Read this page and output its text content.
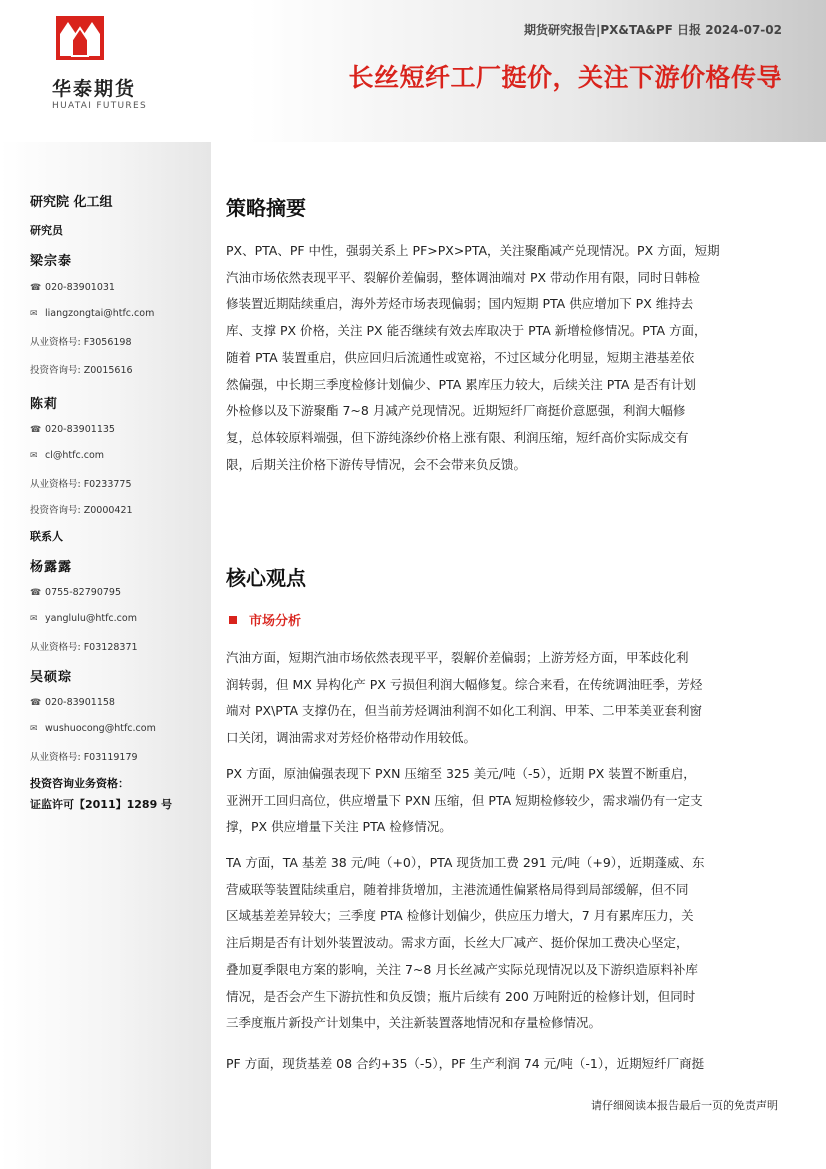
华泰期货
HUATAI FUTURES
期货研究报告|PX&TA&PF 日报 2024-07-02
长丝短纤工厂挺价，关注下游价格传导
研究院 化工组
研究员
梁宗泰
☎ 020-83901031
✉ liangzongtai@htfc.com
从业资格号: F3056198
投资咨询号: Z0015616
陈莉
☎ 020-83901135
✉ cl@htfc.com
从业资格号: F0233775
投资咨询号: Z0000421
联系人
杨露露
☎ 0755-82790795
✉ yanglulu@htfc.com
从业资格号: F03128371
吴硕琮
☎ 020-83901158
✉ wushuocong@htfc.com
从业资格号: F03119179
投资咨询业务资格：
证监许可【2011】1289 号
策略摘要
PX、PTA、PF 中性，强弱关系上 PF>PX>PTA，关注聚酯减产兑现情况。PX 方面，短期
汽油市场依然表现平平、裂解价差偏弱，整体调油端对 PX 带动作用有限，同时日韩检
修装置近期陆续重启，海外芳烃市场表现偏弱；国内短期 PTA 供应增加下 PX 维持去
库、支撑 PX 价格，关注 PX 能否继续有效去库取决于 PTA 新增检修情况。PTA 方面，
随着 PTA 装置重启，供应回归后流通性或宽裕，不过区域分化明显，短期主港基差依
然偏强，中长期三季度检修计划偏少、PTA 累库压力较大，后续关注 PTA 是否有计划
外检修以及下游聚酯 7~8 月减产兑现情况。近期短纤厂商挺价意愿强，利润大幅修
复，总体较原料端强，但下游纯涤纱价格上涨有限、利润压缩，短纤高价实际成交有
限，后期关注价格下游传导情况，会不会带来负反馈。
核心观点
市场分析
汽油方面，短期汽油市场依然表现平平，裂解价差偏弱；上游芳烃方面，甲苯歧化利
润转弱，但 MX 异构化产 PX 亏损但利润大幅修复。综合来看，在传统调油旺季，芳烃
端对 PX\PTA 支撑仍在，但当前芳烃调油利润不如化工利润、甲苯、二甲苯美亚套利窗
口关闭，调油需求对芳烃价格带动作用较低。
PX 方面，原油偏强表现下 PXN 压缩至 325 美元/吨（-5），近期 PX 装置不断重启，
亚洲开工回归高位，供应增量下 PXN 压缩，但 PTA 短期检修较少，需求端仍有一定支
撑，PX 供应增量下关注 PTA 检修情况。
TA 方面，TA 基差 38 元/吨（+0），PTA 现货加工费 291 元/吨（+9），近期蓬威、东
营威联等装置陆续重启，随着排货增加，主港流通性偏紧格局得到局部缓解，但不同
区域基差差异较大；三季度 PTA 检修计划偏少，供应压力增大，7 月有累库压力，关
注后期是否有计划外装置波动。需求方面，长丝大厂减产、挺价保加工费决心坚定，
叠加夏季限电方案的影响，关注 7~8 月长丝减产实际兑现情况以及下游织造原料补库
情况，是否会产生下游抗性和负反馈；瓶片后续有 200 万吨附近的检修计划，但同时
三季度瓶片新投产计划集中，关注新装置落地情况和存量检修情况。
PF 方面，现货基差 08 合约+35（-5），PF 生产利润 74 元/吨（-1），近期短纤厂商挺
请仔细阅读本报告最后一页的免责声明
